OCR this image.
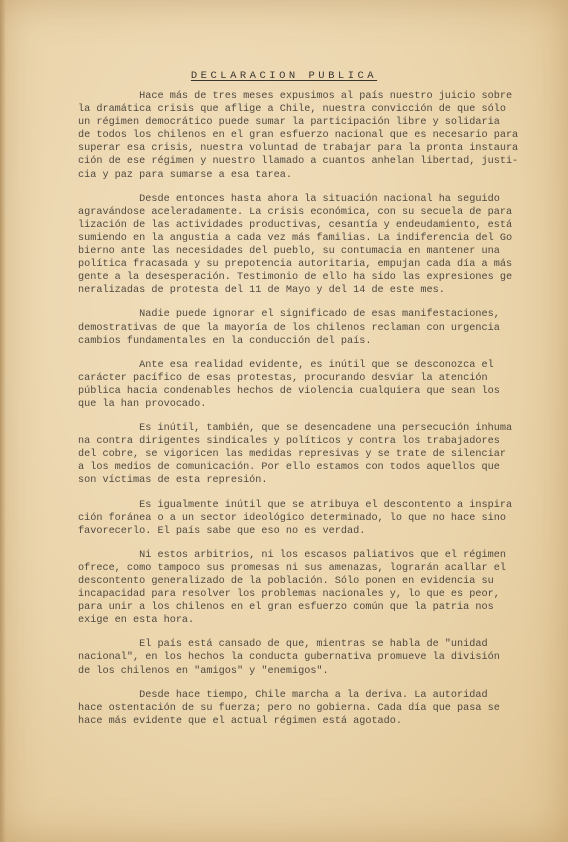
DECLARACION PUBLICA
Hace más de tres meses expusimos al país nuestro juicio sobre
la dramática crisis que aflige a Chile, nuestra convicción de que sólo
un régimen democrático puede sumar la participación libre y solidaria
de todos los chilenos en el gran esfuerzo nacional que es necesario para
superar esa crisis, nuestra voluntad de trabajar para la pronta instaura
ción de ese régimen y nuestro llamado a cuantos anhelan libertad, justi-
cia y paz para sumarse a esa tarea.
Desde entonces hasta ahora la situación nacional ha seguido
agravándose aceleradamente. La crisis económica, con su secuela de para
lización de las actividades productivas, cesantía y endeudamiento, está
sumiendo en la angustia a cada vez más familias. La indiferencia del Go
bierno ante las necesidades del pueblo, su contumacia en mantener una
política fracasada y su prepotencia autoritaria, empujan cada día a más
gente a la desesperación. Testimonio de ello ha sido las expresiones ge
neralizadas de protesta del 11 de Mayo y del 14 de este mes.
Nadie puede ignorar el significado de esas manifestaciones,
demostrativas de que la mayoría de los chilenos reclaman con urgencia
cambios fundamentales en la conducción del país.
Ante esa realidad evidente, es inútil que se desconozca el
carácter pacífico de esas protestas, procurando desviar la atención
pública hacia condenables hechos de violencia cualquiera que sean los
que la han provocado.
Es inútil, también, que se desencadene una persecución inhuma
na contra dirigentes sindicales y políticos y contra los trabajadores
del cobre, se vigoricen las medidas represivas y se trate de silenciar
a los medios de comunicación. Por ello estamos con todos aquellos que
son víctimas de esta represión.
Es igualmente inútil que se atribuya el descontento a inspira
ción foránea o a un sector ideológico determinado, lo que no hace sino
favorecerlo. El país sabe que eso no es verdad.
Ni estos arbitrios, ni los escasos paliativos que el régimen
ofrece, como tampoco sus promesas ni sus amenazas, lograrán acallar el
descontento generalizado de la población. Sólo ponen en evidencia su
incapacidad para resolver los problemas nacionales y, lo que es peor,
para unir a los chilenos en el gran esfuerzo común que la patria nos
exige en esta hora.
El país está cansado de que, mientras se habla de "unidad
nacional", en los hechos la conducta gubernativa promueve la división
de los chilenos en "amigos" y "enemigos".
Desde hace tiempo, Chile marcha a la deriva. La autoridad
hace ostentación de su fuerza; pero no gobierna. Cada día que pasa se
hace más evidente que el actual régimen está agotado.
